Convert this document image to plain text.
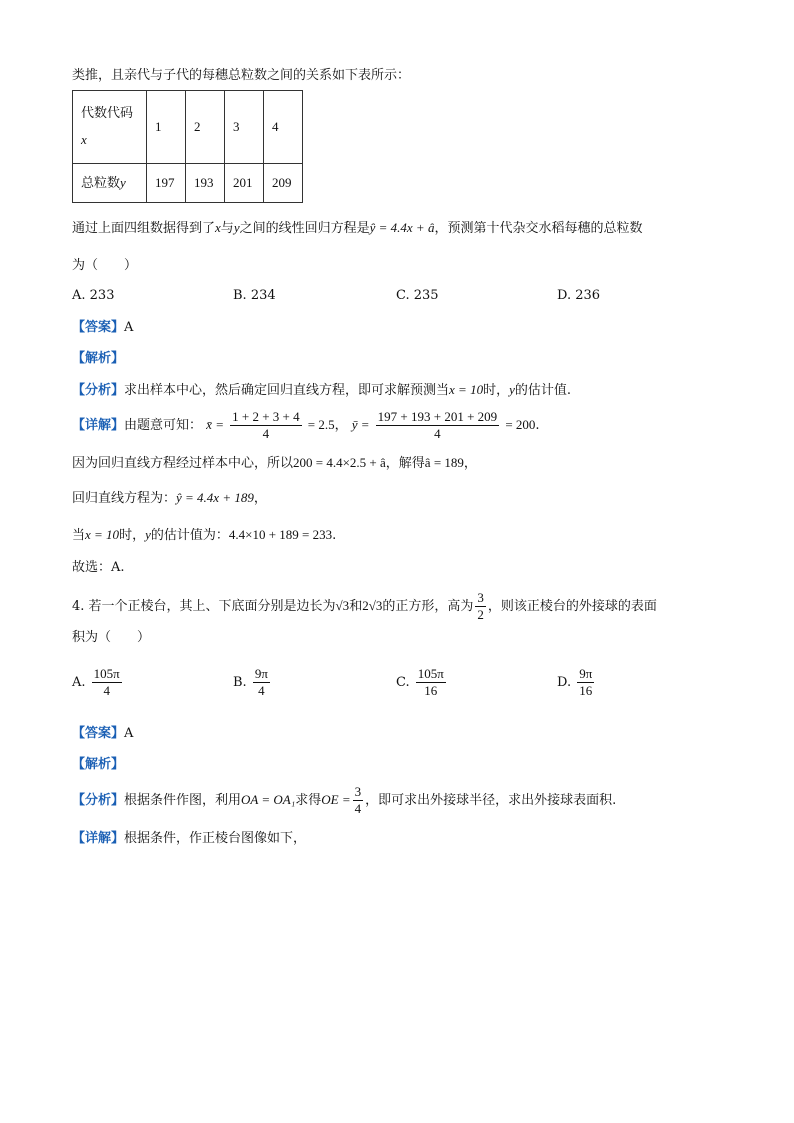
类推，且亲代与子代的每穗总粒数之间的关系如下表所示：
代数代码
x	1	2	3	4
总粒数y	197	193	201	209
通过上面四组数据得到了x与y之间的线性回归方程是ŷ = 4.4x + â，预测第十代杂交水稻每穗的总粒数
为（　　）
A. 233	B. 234	C. 235	D. 236
【答案】A
【解析】
【分析】求出样本中心，然后确定回归直线方程，即可求解预测当x = 10时，y的估计值.
【详解】由题意可知： x̄ = $\frac{1 + 2 + 3 + 4}{4} = 2.5$， ȳ = $\frac{197 + 193 + 201 + 209}{4} = 200$.
因为回归直线方程经过样本中心，所以200 = 4.4×2.5 + â，解得â = 189，
回归直线方程为：ŷ = 4.4x + 189，
当x = 10时，y的估计值为：4.4×10 + 189 = 233.
故选：A.
4. 若一个正棱台，其上、下底面分别是边长为√3和2√3的正方形，高为 $\frac{3}{2}$ ，则该正棱台的外接球的表面
积为（　　）
A. $\frac{105\pi}{4}$	B. $\frac{9\pi}{4}$	C. $\frac{105\pi}{16}$	D. $\frac{9\pi}{16}$
【答案】A
【解析】
【分析】根据条件作图，利用OA = OA₁求得OE = $\frac{3}{4}$ ，即可求出外接球半径，求出外接球表面积.
【详解】根据条件，作正棱台图像如下，
